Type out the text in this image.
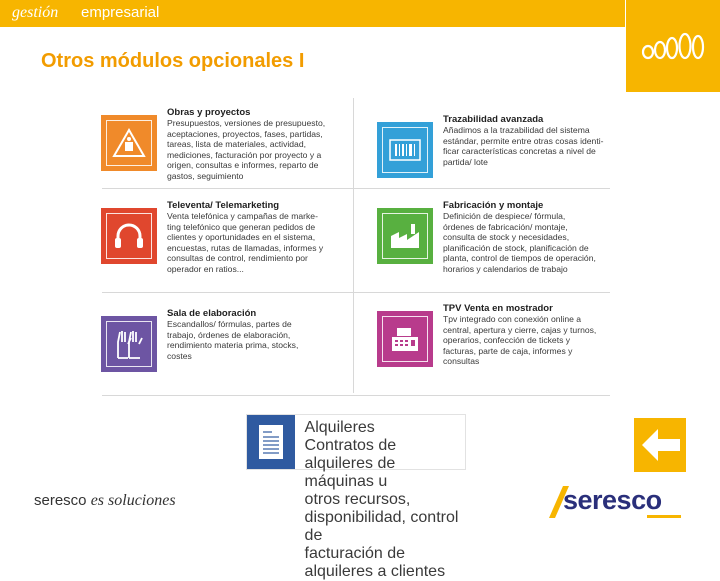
gestión empresarial
Otros módulos opcionales I
Obras y proyectos
Presupuestos, versiones de presupuesto,
aceptaciones, proyectos, fases, partidas,
tareas, lista de materiales, actividad,
mediciones, facturación por proyecto y a
origen, consultas e informes, reparto de
gastos, seguimiento
Trazabilidad avanzada
Añadimos a la trazabilidad del sistema
estándar, permite entre otras cosas identi-
ficar características concretas a nivel de
partida/ lote
Televenta/ Telemarketing
Venta telefónica y campañas de marke-
ting telefónico que generan pedidos de
clientes y oportunidades en el sistema,
encuestas, rutas de llamadas, informes y
consultas de control, rendimiento por
operador en ratios...
Fabricación y montaje
Definición de despiece/ fórmula,
órdenes de fabricación/ montaje,
consulta de stock y necesidades,
planificación de stock, planificación de
planta, control de tiempos de operación,
horarios y calendarios de trabajo
Sala de elaboración
Escandallos/ fórmulas, partes de
trabajo, órdenes de elaboración,
rendimiento materia prima, stocks,
costes
TPV Venta en mostrador
Tpv integrado con conexión online a
central, apertura y cierre, cajas y turnos,
operarios, confección de tickets y
facturas, parte de caja, informes y
consultas
Alquileres
Contratos de alquileres de máquinas u
otros recursos, disponibilidad, control de
facturación de alquileres a clientes
seresco es soluciones	seresco
